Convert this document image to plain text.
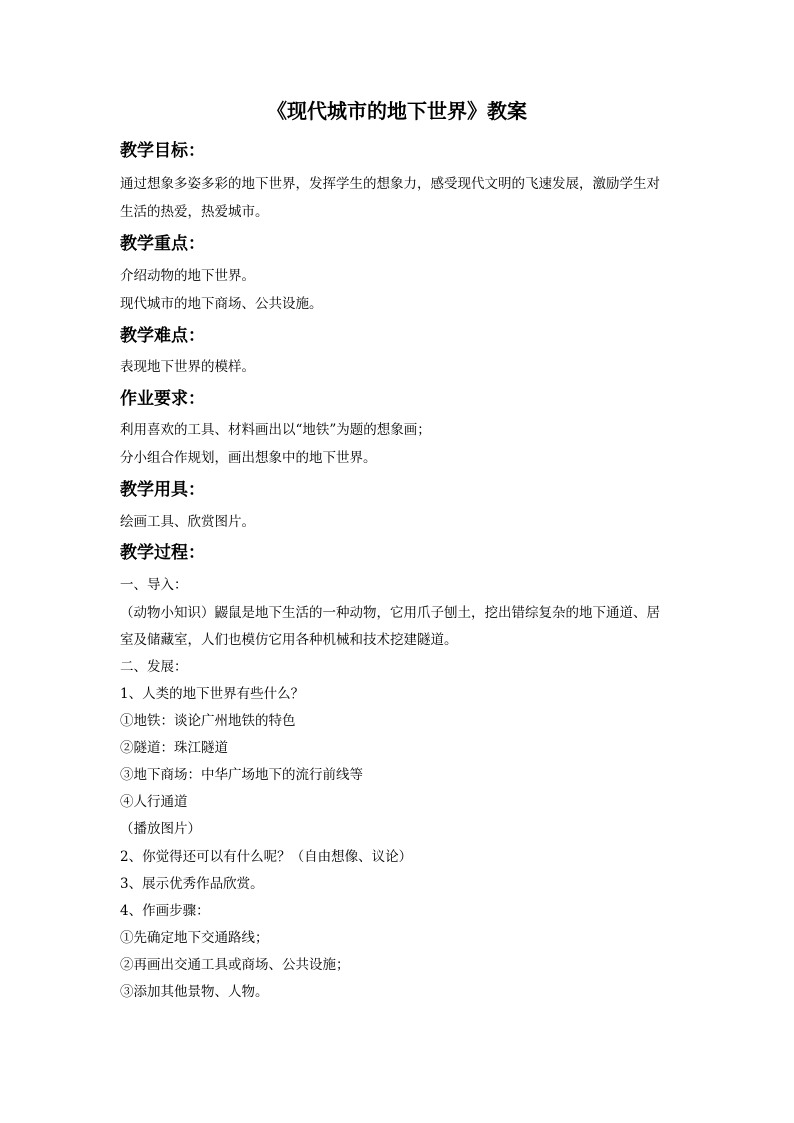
《现代城市的地下世界》教案
教学目标：
通过想象多姿多彩的地下世界，发挥学生的想象力，感受现代文明的飞速发展，激励学生对
生活的热爱，热爱城市。
教学重点：
介绍动物的地下世界。
现代城市的地下商场、公共设施。
教学难点：
表现地下世界的模样。
作业要求：
利用喜欢的工具、材料画出以“地铁”为题的想象画；
分小组合作规划，画出想象中的地下世界。
教学用具：
绘画工具、欣赏图片。
教学过程：
一、导入：
（动物小知识）鼹鼠是地下生活的一种动物，它用爪子刨土，挖出错综复杂的地下通道、居
室及储藏室，人们也模仿它用各种机械和技术挖建隧道。
二、发展：
1、人类的地下世界有些什么？
①地铁：谈论广州地铁的特色
②隧道：珠江隧道
③地下商场：中华广场地下的流行前线等
④人行通道
（播放图片）
2、你觉得还可以有什么呢？（自由想像、议论）
3、展示优秀作品欣赏。
4、作画步骤：
①先确定地下交通路线；
②再画出交通工具或商场、公共设施；
③添加其他景物、人物。
